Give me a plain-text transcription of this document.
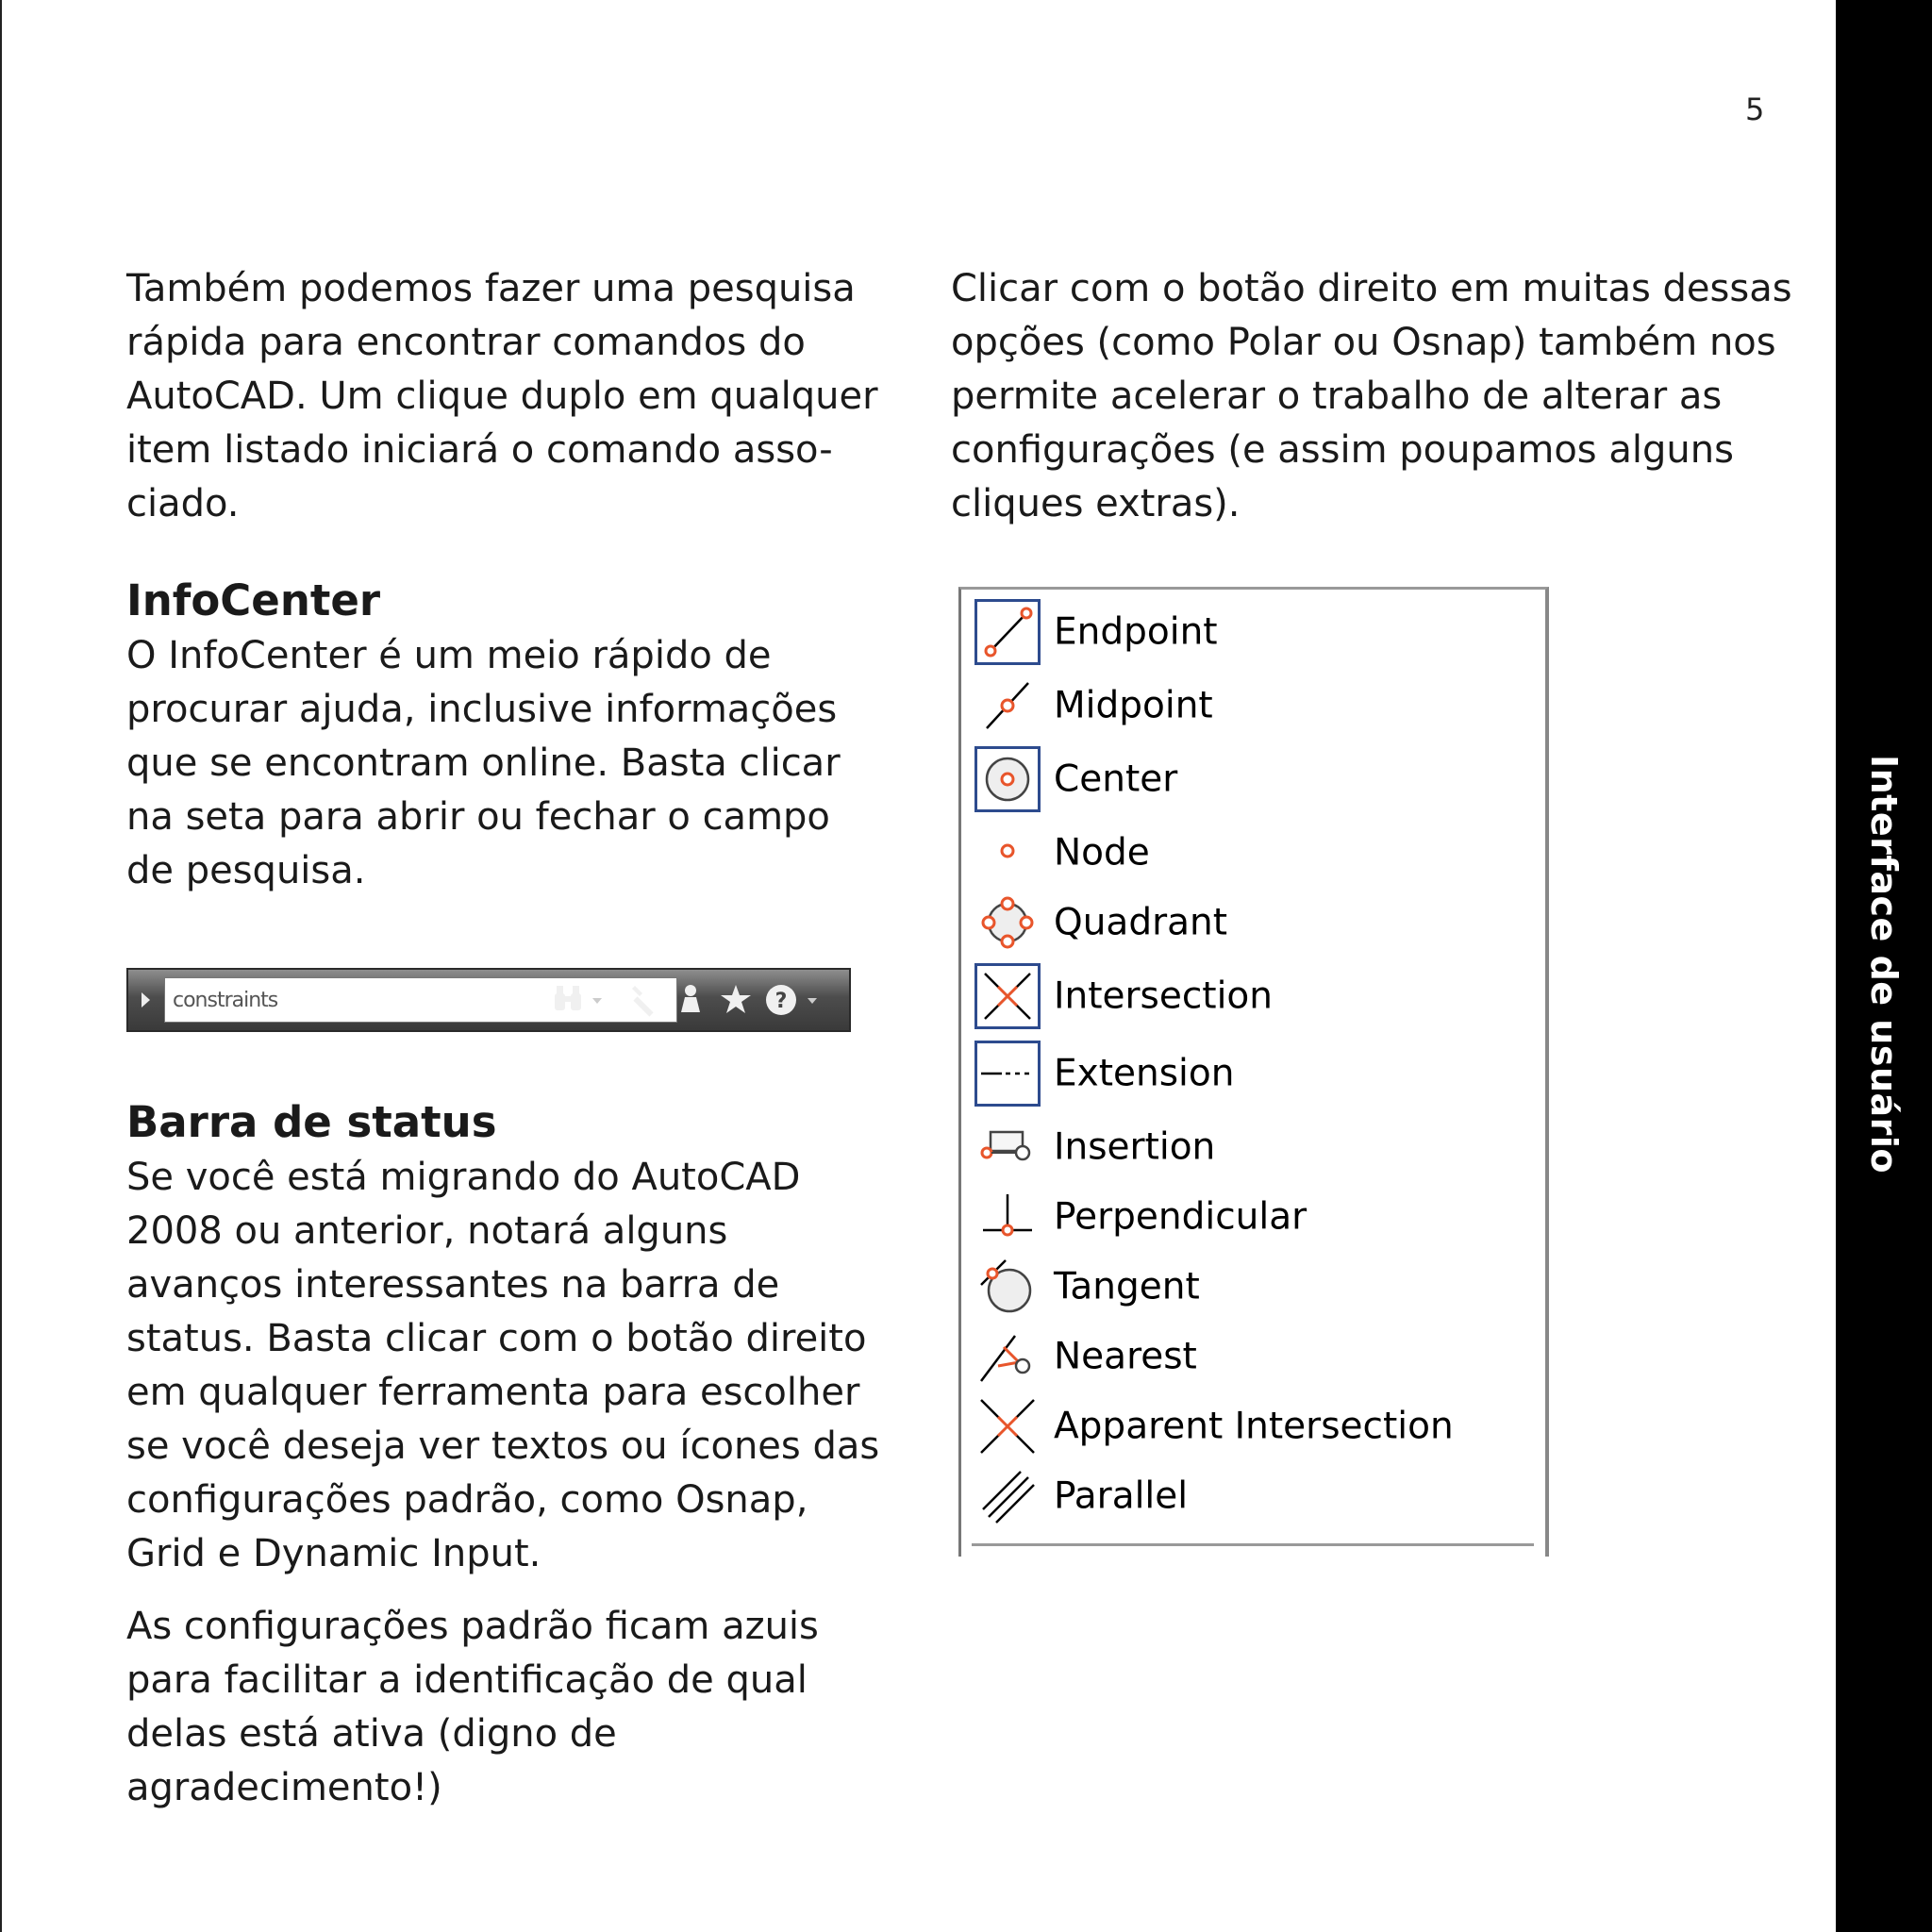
5
Interface de usuário

Também podemos fazer uma pesquisa rápida para encontrar comandos do AutoCAD. Um clique duplo em qualquer item listado iniciará o comando asso-ciado.

InfoCenter

O InfoCenter é um meio rápido de procurar ajuda, inclusive informações que se encontram online. Basta clicar na seta para abrir ou fechar o campo de pesquisa.

constraints
?
Barra de status

Se você está migrando do AutoCAD 2008 ou anterior, notará alguns avanços interessantes na barra de status. Basta clicar com o botão direito em qualquer ferramenta para escolher se você deseja ver textos ou ícones das configurações padrão, como Osnap, Grid e Dynamic Input.

As configurações padrão ficam azuis para facilitar a identificação de qual delas está ativa (digno de agradecimento!)

Clicar com o botão direito em muitas dessas opções (como Polar ou Osnap) também nos permite acelerar o trabalho de alterar as configurações (e assim poupamos alguns cliques extras).

Endpoint
Midpoint
Center
Node
Quadrant
Intersection
Extension
Insertion
Perpendicular
Tangent
Nearest
Apparent Intersection
Parallel
